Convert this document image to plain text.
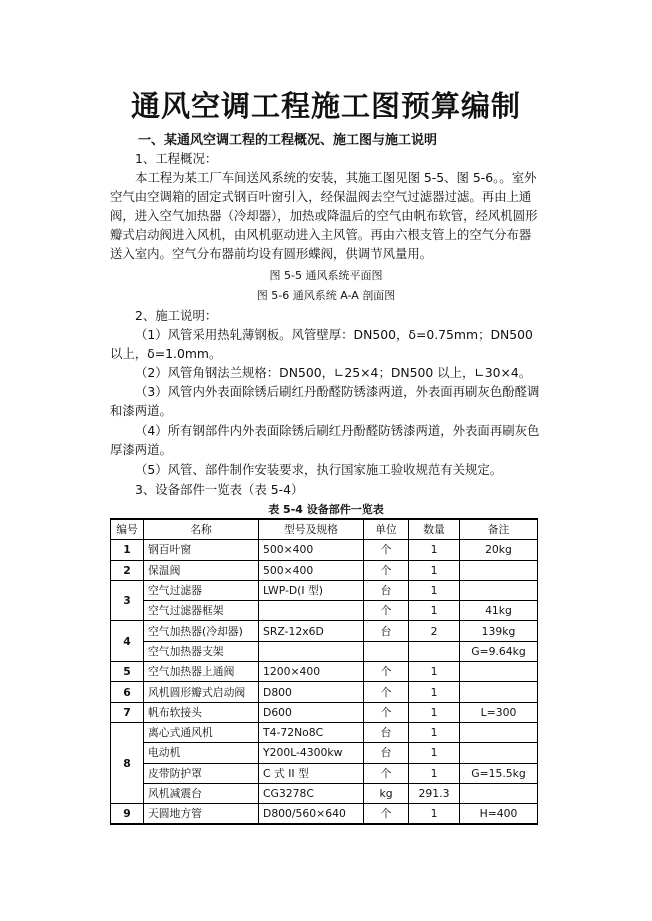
通风空调工程施工图预算编制
一、某通风空调工程的工程概况、施工图与施工说明
1、工程概况：

本工程为某工厂车间送风系统的安装，其施工图见图 5-5、图 5-6。。室外空气由空调箱的固定式钢百叶窗引入，经保温阀去空气过滤器过滤。再由上通阀，进入空气加热器（冷却器），加热或降温后的空气由帆布软管，经风机圆形瓣式启动阀进入风机，由风机驱动进入主风管。再由六根支管上的空气分布器送入室内。空气分布器前均设有圆形蝶阀，供调节风量用。

图 5-5 通风系统平面图
图 5-6 通风系统 A-A 剖面图
2、施工说明：

（1）风管采用热轧薄钢板。风管壁厚：DN500，δ=0.75mm；DN500 以上，δ=1.0mm。

（2）风管角钢法兰规格：DN500，∟25×4；DN500 以上，∟30×4。

（3）风管内外表面除锈后刷红丹酚醛防锈漆两道，外表面再刷灰色酚醛调和漆两道。

（4）所有钢部件内外表面除锈后刷红丹酚醛防锈漆两道，外表面再刷灰色厚漆两道。

（5）风管、部件制作安装要求，执行国家施工验收规范有关规定。

3、设备部件一览表（表 5-4）
表 5-4 设备部件一览表
编号	名称	型号及规格	单位	数量	备注
1	钢百叶窗	500×400	个	1	20kg
2	保温阀	500×400	个	1	
3	空气过滤器	LWP-D(I 型)	台	1	
	空气过滤器框架		个	1	41kg
4	空气加热器(冷却器)	SRZ-12x6D	台	2	139kg
	空气加热器支架				G=9.64kg
5	空气加热器上通阀	1200×400	个	1	
6	风机圆形瓣式启动阀	D800	个	1	
7	帆布软接头	D600	个	1	L=300
8	离心式通风机	T4-72No8C	台	1	
	电动机	Y200L-4300kw	台	1	
	皮带防护罩	C 式 II 型	个	1	G=15.5kg
	风机减震台	CG3278C	kg	291.3	
9	天圆地方管	D800/560×640	个	1	H=400
